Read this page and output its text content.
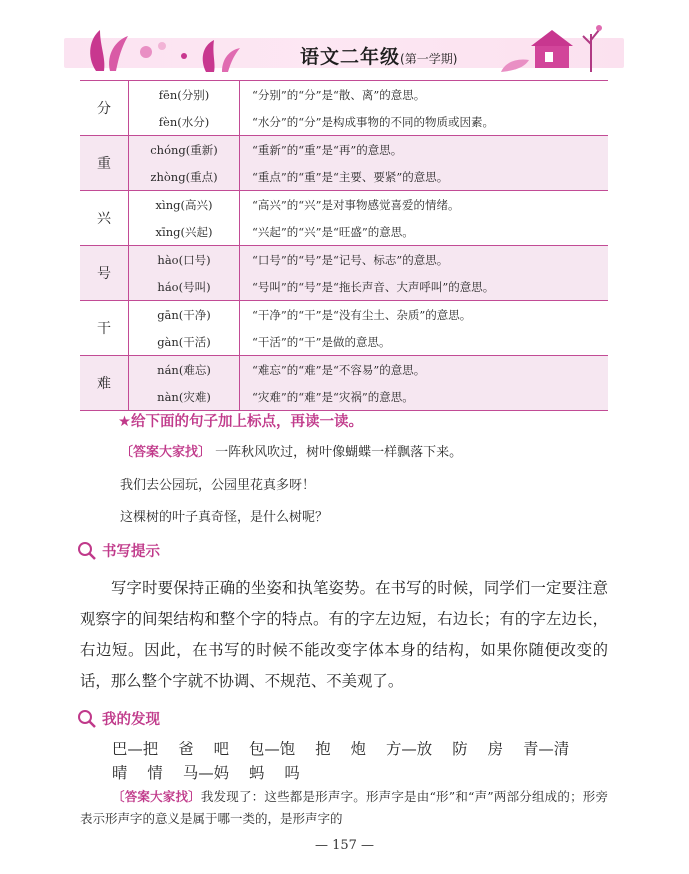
语文二年级(第一学期)
分
fēn(分别)	“分别”的“分”是“散、离”的意思。
fèn(水分)	“水分”的“分”是构成事物的不同的物质或因素。
重
chóng(重新)	“重新”的“重”是“再”的意思。
zhòng(重点)	“重点”的“重”是“主要、要紧”的意思。
兴
xìng(高兴)	“高兴”的“兴”是对事物感觉喜爱的情绪。
xīng(兴起)	“兴起”的“兴”是“旺盛”的意思。
号
hào(口号)	“口号”的“号”是“记号、标志”的意思。
háo(号叫)	“号叫”的“号”是“拖长声音、大声呼叫”的意思。
干
gān(干净)	“干净”的“干”是“没有尘土、杂质”的意思。
gàn(干活)	“干活”的“干”是做的意思。
难
nán(难忘)	“难忘”的“难”是“不容易”的意思。
nàn(灾难)	“灾难”的“难”是“灾祸”的意思。
★给下面的句子加上标点，再读一读。
〔答案大家找〕 一阵秋风吹过，树叶像蝴蝶一样飘落下来。
我们去公园玩，公园里花真多呀！
这棵树的叶子真奇怪，是什么树呢？
书写提示
写字时要保持正确的坐姿和执笔姿势。在书写的时候，同学们一定要注意观察字的间架结构和整个字的特点。有的字左边短，右边长；有的字左边长，右边短。因此，在书写的时候不能改变字体本身的结构，如果你随便改变的话，那么整个字就不协调、不规范、不美观了。
我的发现
巴—把 爸 吧 包—饱 抱 炮 方—放 防 房 青—清
晴 情 马—妈 蚂 吗
〔答案大家找〕我发现了：这些都是形声字。形声字是由“形”和“声”两部分组成的；形旁表示形声字的意义是属于哪一类的，是形声字的
— 157 —
